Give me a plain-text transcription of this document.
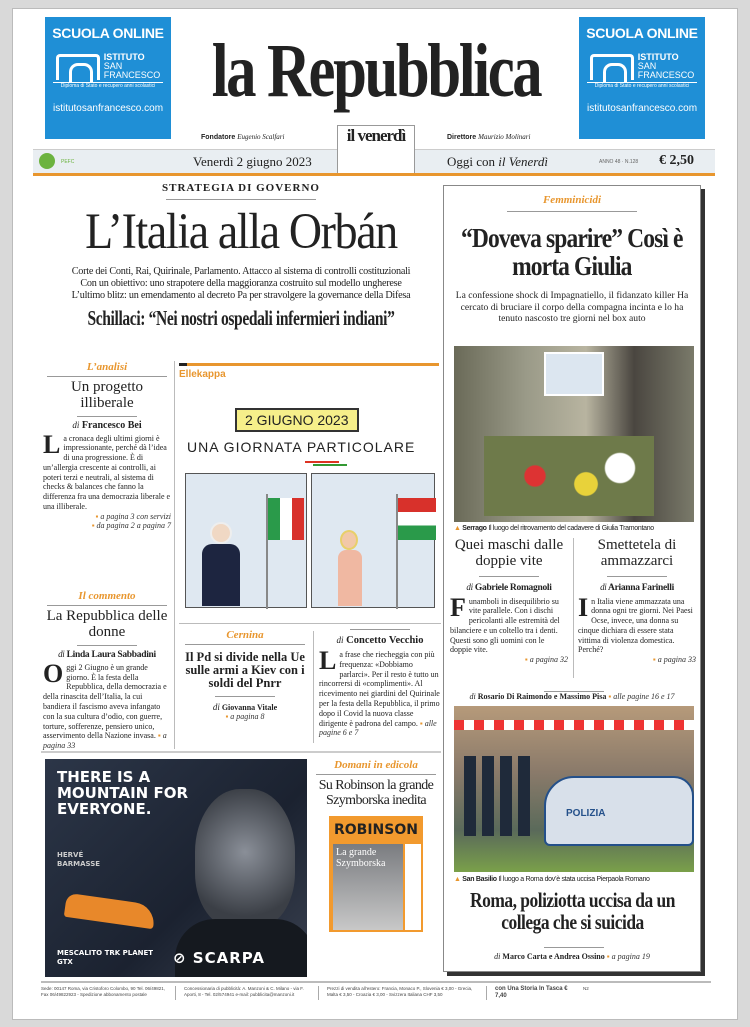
SCUOLA ONLINE
ISTITUTO
SAN
FRANCESCO
Diploma di Stato e recupero anni scolastici
istitutosanfrancesco.com
SCUOLA ONLINE
ISTITUTO
SAN
FRANCESCO
Diploma di Stato e recupero anni scolastici
istitutosanfrancesco.com
la Repubblica
Fondatore Eugenio Scalfari	Direttore Maurizio Molinari
il venerdì
PEFC	Venerdì 2 giugno 2023	Oggi con il Venerdì	ANNO 48 · N.128 € 2,50
STRATEGIA DI GOVERNO
L’Italia alla Orbán
Corte dei Conti, Rai, Quirinale, Parlamento. Attacco al sistema di controlli costituzionali
Con un obiettivo: uno strapotere della maggioranza costruito sul modello ungherese
L’ultimo blitz: un emendamento al decreto Pa per stravolgere la governance della Difesa
Schillaci: “Nei nostri ospedali infermieri indiani”
L’analisi
Un progetto illiberale
di Francesco Bei
La cronaca degli ultimi giorni è impressionante, perché dà l’idea di una progressione. È di un’allergia crescente ai controlli, ai poteri terzi e neutrali, al sistema di checks & balances che fanno la differenza fra una democrazia liberale e una illiberale.
▪ a pagina 3 con servizi
▪ da pagina 2 a pagina 7
Il commento
La Repubblica delle donne
di Linda Laura Sabbadini
Oggi 2 Giugno è un grande giorno. È la festa della Repubblica, della democrazia e della rinascita dell’Italia, la cui bandiera il fascismo aveva infangato con la sua cultura d’odio, con guerre, torture, sofferenze, pensiero unico, asservimento della Nazione invasa. ▪ a pagina 33
Ellekappa
2 GIUGNO 2023
UNA GIORNATA PARTICOLARE
Cernina
Il Pd si divide nella Ue sulle armi a Kiev con i soldi del Pnrr
di Giovanna Vitale
▪ a pagina 8
di Concetto Vecchio
La frase che riecheggia con più frequenza: «Dobbiamo parlarci». Per il resto è tutto un rincorrersi di «complimenti». Al ricevimento nei giardini del Quirinale per la festa della Repubblica, il primo dopo il Covid la nuova classe dirigente è padrona del campo. ▪ alle pagine 6 e 7
THERE IS A MOUNTAIN FOR EVERYONE.
HERVÉ BARMASSE
MESCALITO TRK PLANET GTX	⊘ SCARPA
Domani in edicola
Su Robinson la grande Szymborska inedita
ROBINSON
La grande Szymborska
Femminicidi
“Doveva sparire” Così è morta Giulia
La confessione shock di Impagnatiello, il fidanzato killer Ha cercato di bruciare il corpo della compagna incinta e lo ha tenuto nascosto tre giorni nel box auto
▲ Serrago Il luogo del ritrovamento del cadavere di Giulia Tramontano
Quei maschi dalle doppie vite
di Gabriele Romagnoli
Funamboli in disequilibrio su vite parallele. Con i dischi pericolanti alle estremità del bilanciere e un coltello tra i denti. Questi sono gli uomini con le doppie vite.
▪ a pagina 32
Smettetela di ammazzarci
di Arianna Farinelli
In Italia viene ammazzata una donna ogni tre giorni. Nei Paesi Ocse, invece, una donna su cinque dichiara di essere stata vittima di violenza domestica. Perché?
▪ a pagina 33
di Rosario Di Raimondo e Massimo Pisa ▪ alle pagine 16 e 17
POLIZIA
▲ San Basilio Il luogo a Roma dov’è stata uccisa Pierpaola Romano
Roma, poliziotta uccisa da un collega che si suicida
di Marco Carta e Andrea Ossino ▪ a pagina 19
Sede: 00147 Roma, via Cristoforo Colombo, 90 Tel. 06/49821, Fax 06/49822923 - Spedizione abbonamento postale
Concessionaria di pubblicità: A. Manzoni & C. Milano - via F. Aporti, 8 - Tel. 02/574941 e-mail: pubblicita@manzoni.it
Prezzi di vendita all’estero: Francia, Monaco P., Slovenia € 3,00 - Grecia, Malta € 3,50 - Croazia € 3,00 - Svizzera Italiana CHF 3,50
con Una Storia In Tasca € 7,40
N2
